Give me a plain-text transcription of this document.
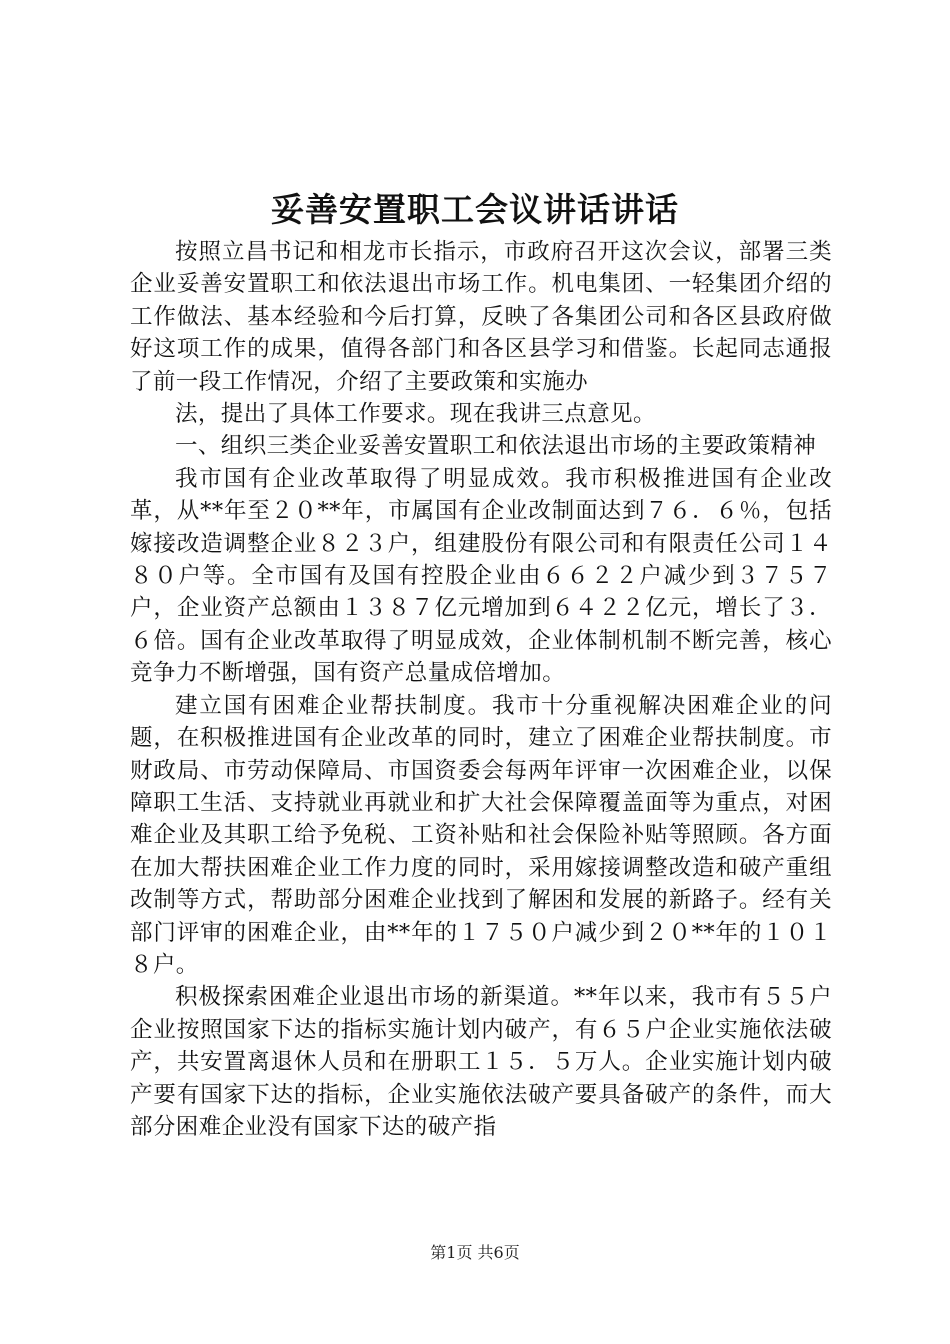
妥善安置职工会议讲话讲话

按照立昌书记和相龙市长指示，市政府召开这次会议，部署三类企业妥善安置职工和依法退出市场工作。机电集团、一轻集团介绍的工作做法、基本经验和今后打算，反映了各集团公司和各区县政府做好这项工作的成果，值得各部门和各区县学习和借鉴。长起同志通报了前一段工作情况，介绍了主要政策和实施办

法，提出了具体工作要求。现在我讲三点意见。

一、组织三类企业妥善安置职工和依法退出市场的主要政策精神

我市国有企业改革取得了明显成效。我市积极推进国有企业改革，从**年至２０**年，市属国有企业改制面达到７６．６％，包括嫁接改造调整企业８２３户，组建股份有限公司和有限责任公司１４８０户等。全市国有及国有控股企业由６６２２户减少到３７５７户，企业资产总额由１３８７亿元增加到６４２２亿元，增长了３．６倍。国有企业改革取得了明显成效，企业体制机制不断完善，核心竞争力不断增强，国有资产总量成倍增加。

建立国有困难企业帮扶制度。我市十分重视解决困难企业的问题，在积极推进国有企业改革的同时，建立了困难企业帮扶制度。市财政局、市劳动保障局、市国资委会每两年评审一次困难企业，以保障职工生活、支持就业再就业和扩大社会保障覆盖面等为重点，对困难企业及其职工给予免税、工资补贴和社会保险补贴等照顾。各方面在加大帮扶困难企业工作力度的同时，采用嫁接调整改造和破产重组改制等方式，帮助部分困难企业找到了解困和发展的新路子。经有关部门评审的困难企业，由**年的１７５０户减少到２０**年的１０１８户。

积极探索困难企业退出市场的新渠道。**年以来，我市有５５户企业按照国家下达的指标实施计划内破产，有６５户企业实施依法破产，共安置离退休人员和在册职工１５．５万人。企业实施计划内破产要有国家下达的指标，企业实施依法破产要具备破产的条件，而大部分困难企业没有国家下达的破产指

第1页 共6页
